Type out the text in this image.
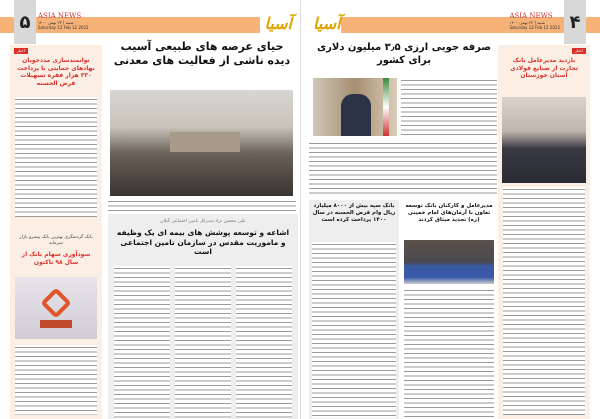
۵	ASIA NEWS
شنبه | ۲۳ بهمن ۱۴۰۰
Saturday 12 Feb 12 2022	آسیا
اخبار
توانمندسازی مددجویان نهادهای حمایتی با پرداخت ۳۳۰ هزار فقره تسهیلات قرض الحسنه
بانک گردشگری بهترین بانک پیشرو بازار سرمایه
سودآوری سهام بانک از سال ۹۸ تاکنون
حیای عرصه های طبیعی آسیب دیده ناشی از فعالیت های معدنی
علی محسن نژاد مدیرکل تامین اجتماعی گیلان
اشاعه و توسعه پوشش های بیمه ای یک وظیفه و ماموریت مقدس در سازمان تامین اجتماعی است
۴
ASIA NEWS
شنبه | ۲۳ بهمن ۱۴۰۰
Saturday 12 Feb 12 2022
آسیا
اخبار
بازدید مدیرعامل بانک تجارت از صنایع فولادی استان خوزستان
صرفه جویی ارزی ۳٫۵ میلیون دلاری برای کشور
مدیرعامل و کارکنان بانک توسعه تعاون با آرمان‌های امام خمینی (ره) تجدید میثاق کردند
بانک سپه بیش از ۸۰۰۰ میلیارد ریال وام قرض الحسنه در سال ۱۴۰۰ پرداخت کرده است
